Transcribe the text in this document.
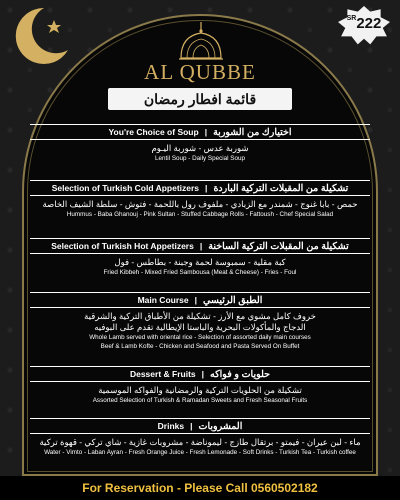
$^{SR}$222
AL QUBBE
قائمة افطار رمضان
You're Choice of Soup | اختيارك من الشوربة
شوربة عدس - شوربة اليـوم
Lentil Soup - Daily Special Soup
Selection of Turkish Cold Appetizers | تشكيلة من المقبلات التركية الباردة
حمص - بابا غنوج - شمندر مع الزبادي - ملفوف رول باللحمة - فتوش - سلطة الشيف الخاصة
Hummus - Baba Ghanouj - Pink Sultan - Stuffed Cabbage Rolls - Fattoush - Chef Special Salad
Selection of Turkish Hot Appetizers | تشكيلة من المقبلات التركية الساخنة
كبة مقلية - سمبوسة لحمة وجبنة - بطاطس - فول
Fried Kibbeh - Mixed Fried Sambousa (Meat & Cheese) - Fries - Foul
Main Course | الطبق الرئيسي
خروف كامل مشوي مع الأرز - تشكيلة من الأطباق التركية والشرقية
الدجاج والمأكولات البحرية والباستا الإيطالية تقدم على البوفيه
Whole Lamb served with oriental rice - Selection of assorted daily main courses
Beef & Lamb Kofte - Chicken and Seafood and Pasta Served On Buffet
Dessert & Fruits | حلويات و فواكه
تشكيلة من الحلويات التركية والرمضانية والفواكه الموسمية
Assorted Selection of Turkish & Ramadan Sweets and Fresh Seasonal Fruits
Drinks | المشروبات
ماء - لبن عيران - فيمتو - برتقال طازج - ليموناضة - مشروبات غازية - شاي تركي - قهوة تركية
Water - Vimto - Laban Ayran - Fresh Orange Juice - Fresh Lemonade - Soft Drinks - Turkish Tea - Turkish coffee
For Reservation - Please Call 0560502182
